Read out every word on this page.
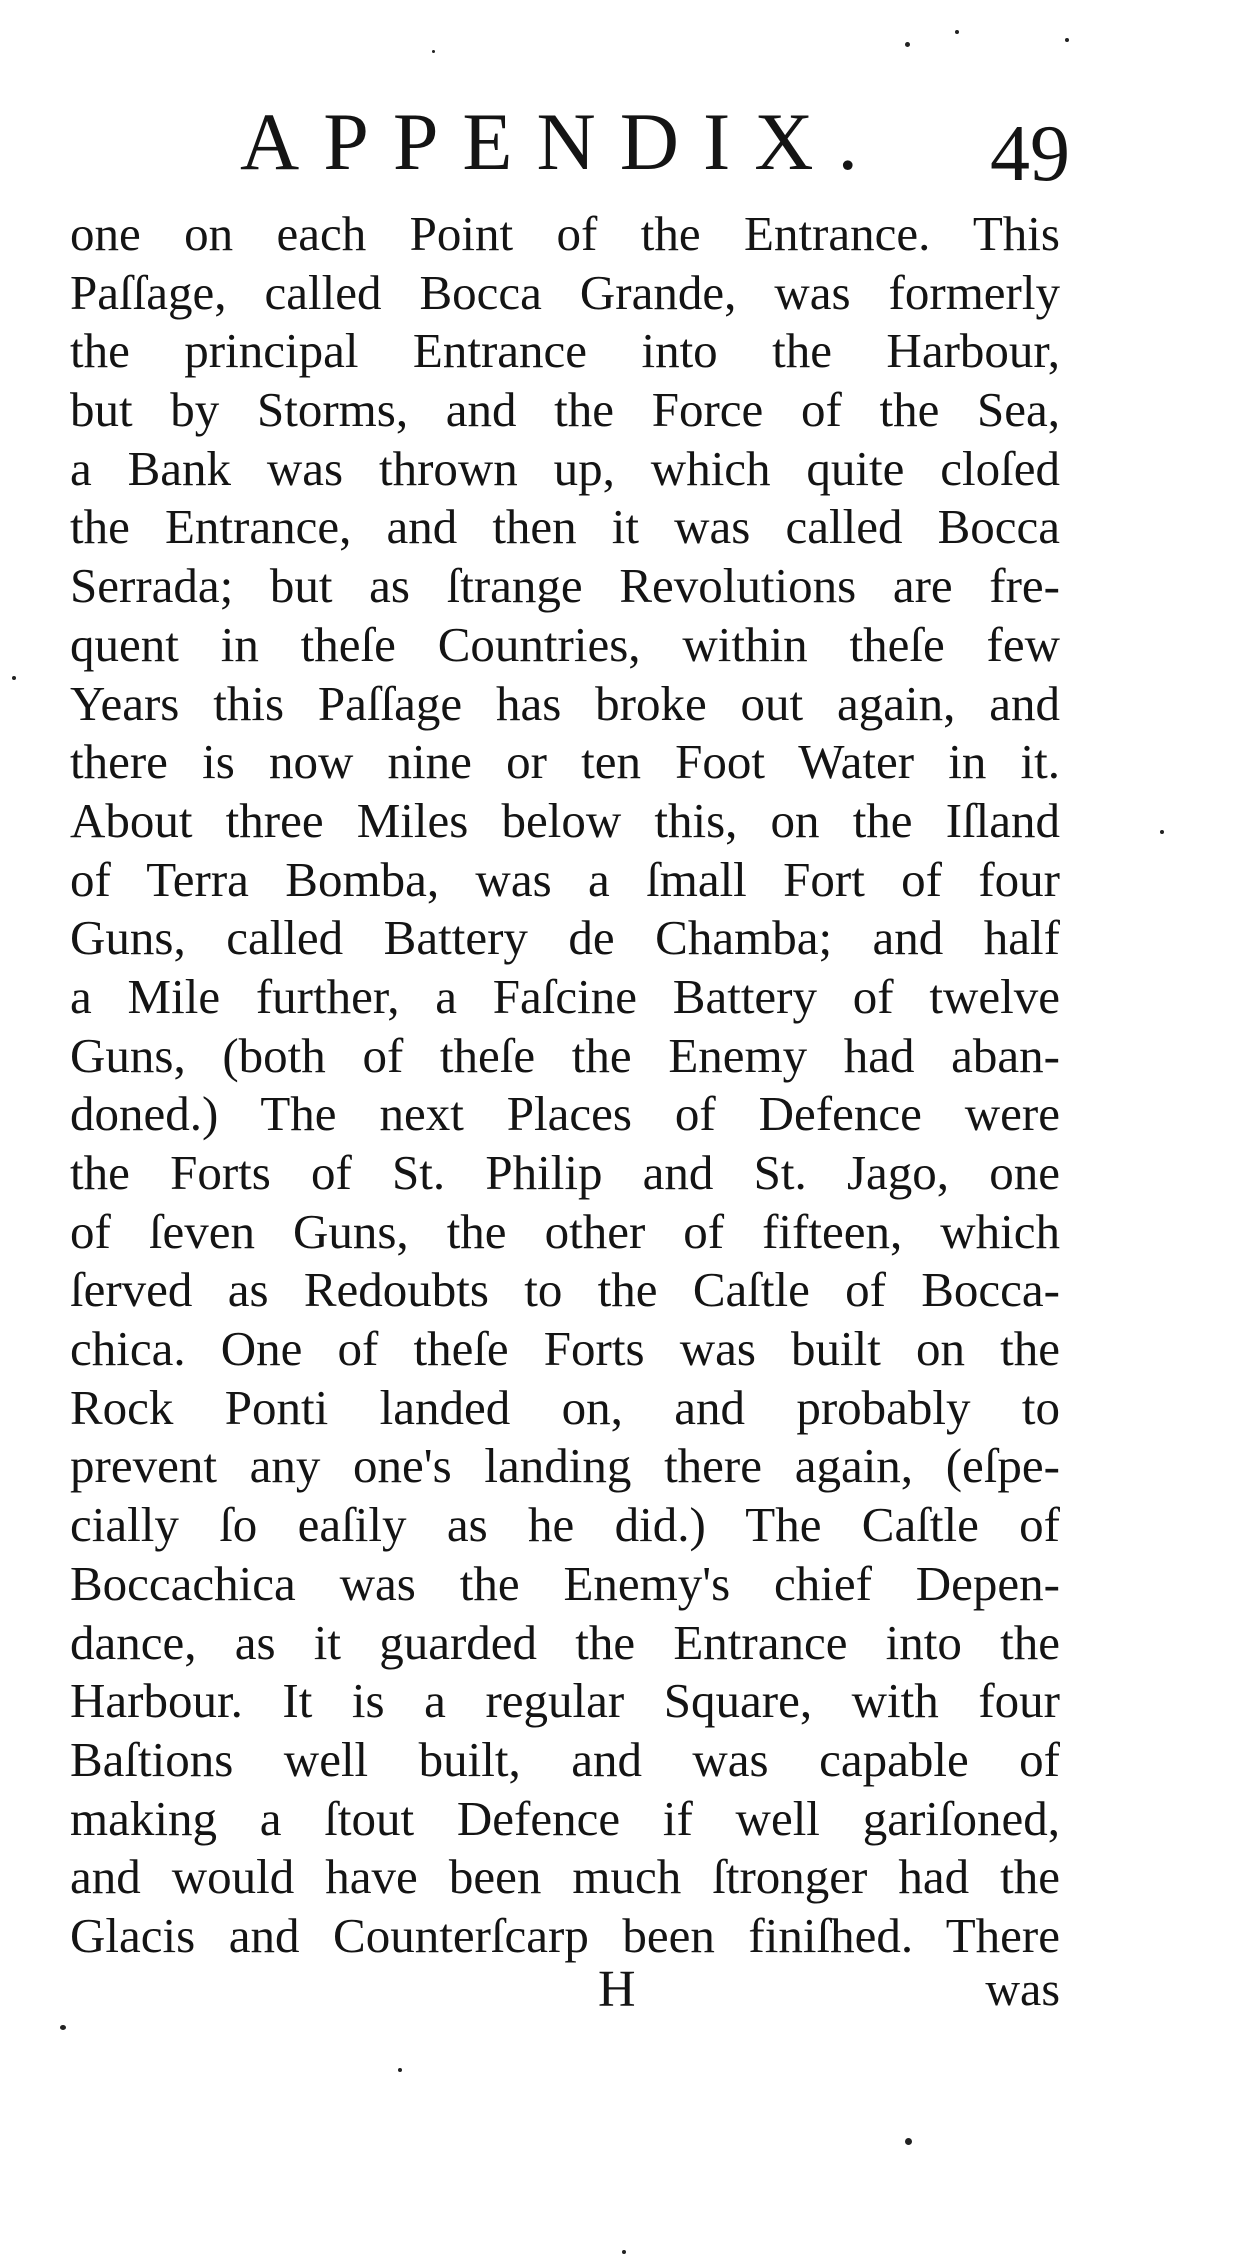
APPENDIX. 49
one on each Point of the Entrance. This
Paſſage, called Bocca Grande, was formerly
the principal Entrance into the Harbour,
but by Storms, and the Force of the Sea,
a Bank was thrown up, which quite cloſed
the Entrance, and then it was called Bocca
Serrada; but as ſtrange Revolutions are fre-
quent in theſe Countries, within theſe few
Years this Paſſage has broke out again, and
there is now nine or ten Foot Water in it.
About three Miles below this, on the Iſland
of Terra Bomba, was a ſmall Fort of four
Guns, called Battery de Chamba; and half
a Mile further, a Faſcine Battery of twelve
Guns, (both of theſe the Enemy had aban-
doned.) The next Places of Defence were
the Forts of St. Philip and St. Jago, one
of ſeven Guns, the other of fifteen, which
ſerved as Redoubts to the Caſtle of Bocca-
chica. One of theſe Forts was built on the
Rock Ponti landed on, and probably to
prevent any one's landing there again, (eſpe-
cially ſo eaſily as he did.) The Caſtle of
Boccachica was the Enemy's chief Depen-
dance, as it guarded the Entrance into the
Harbour. It is a regular Square, with four
Baſtions well built, and was capable of
making a ſtout Defence if well gariſoned,
and would have been much ſtronger had the
Glacis and Counterſcarp been finiſhed. There
H	was
